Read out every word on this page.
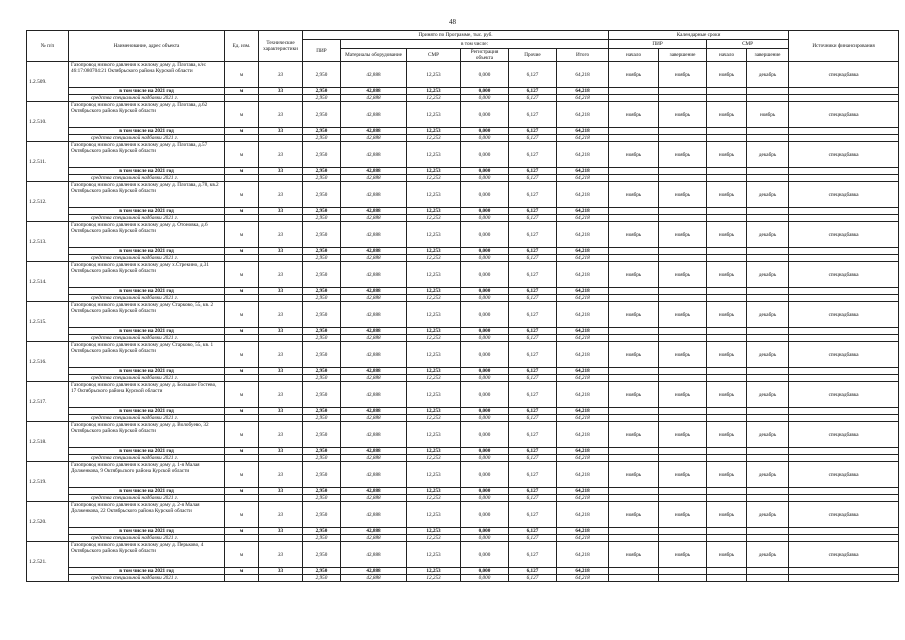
48
№ п/п	Наименование, адрес объекта	Ед. изм.	Технические характеристики	Принято по Программе, тыс. руб.						Календарные сроки				Источники финансирования
				ПИР	в том числе:					ПИР		СМР		
					Материалы оборудование	СМР	Регистрация объекта	Прочие	Итого	начало	завершение	начало	завершение	
1.2.509.	Газопровод низкого давления к жилому дому д. Плотава, к/н: 46:17:080704:21 Октябрьского района Курской области	м	33	2,950	42,888	12,253	0,000	6,127	64,218	ноябрь	ноябрь	ноябрь	декабрь	спецнадбавка
	в том числе на 2021 год	м	33	2,950	42,888	12,253	0,000	6,127	64,218					
	средства специальной надбавки 2021 г.			2,950	42,888	12,253	0,000	6,127	64,218					
1.2.510.	Газопровод низкого давления к жилому дому д. Плотава, д.62 Октябрьского района Курской области	м	33	2,950	42,888	12,253	0,000	6,127	64,218	ноябрь	ноябрь	ноябрь	ноябрь	спецнадбавка
	в том числе на 2021 год	м	33	2,950	42,888	12,253	0,000	6,127	64,218					
	средства специальной надбавки 2021 г.			2,950	42,888	12,253	0,000	6,127	64,218					
1.2.511.	Газопровод низкого давления к жилому дому д. Плотава, д.57 Октябрьского района Курской области	м	33	2,950	42,888	12,253	0,000	6,127	64,218	ноябрь	ноябрь	ноябрь	декабрь	спецнадбавка
	в том числе на 2021 год	м	33	2,950	42,888	12,253	0,000	6,127	64,218					
	средства специальной надбавки 2021 г.			2,950	42,888	12,253	0,000	6,127	64,218					
1.2.512.	Газопровод низкого давления к жилому дому д. Плотава, д.78, кв.2 Октябрьского района Курской области	м	33	2,950	42,888	12,253	0,000	6,127	64,218	ноябрь	ноябрь	ноябрь	декабрь	спецнадбавка
	в том числе на 2021 год	м	33	2,950	42,888	12,253	0,000	6,127	64,218					
	средства специальной надбавки 2021 г.			2,950	42,888	12,253	0,000	6,127	64,218					
1.2.513.	Газопровод низкого давления к жилому дому д. Отоновка, д.6 Октябрьского района Курской области	м	33	2,950	42,888	12,253	0,000	6,127	64,218	ноябрь	ноябрь	ноябрь	декабрь	спецнадбавка
	в том числе на 2021 год	м	33	2,950	42,888	12,253	0,000	6,127	64,218					
	средства специальной надбавки 2021 г.			2,950	42,888	12,253	0,000	6,127	64,218					
1.2.514.	Газопровод низкого давления к жилому дому х.Стрекино, д.31 Октябрьского района Курской области	м	33	2,950	42,888	12,253	0,000	6,127	64,218	ноябрь	ноябрь	ноябрь	декабрь	спецнадбавка
	в том числе на 2021 год	м	33	2,950	42,888	12,253	0,000	6,127	64,218					
	средства специальной надбавки 2021 г.			2,950	42,888	12,253	0,000	6,127	64,218					
1.2.515.	Газопровод низкого давления к жилому дому Старково, 55, кв. 2 Октябрьского района Курской области	м	33	2,950	42,888	12,253	0,000	6,127	64,218	ноябрь	ноябрь	ноябрь	декабрь	спецнадбавка
	в том числе на 2021 год	м	33	2,950	42,888	12,253	0,000	6,127	64,218					
	средства специальной надбавки 2021 г.			2,950	42,888	12,253	0,000	6,127	64,218					
1.2.516.	Газопровод низкого давления к жилому дому Старково, 55, кв. 1 Октябрьского района Курской области	м	33	2,950	42,888	12,253	0,000	6,127	64,218	ноябрь	ноябрь	ноябрь	декабрь	спецнадбавка
	в том числе на 2021 год	м	33	2,950	42,888	12,253	0,000	6,127	64,218					
	средства специальной надбавки 2021 г.			2,950	42,888	12,253	0,000	6,127	64,218					
1.2.517.	Газопровод низкого давления к жилому дому д. Большое Гостево, 17 Октябрьского района Курской области	м	33	2,950	42,888	12,253	0,000	6,127	64,218	ноябрь	ноябрь	ноябрь	декабрь	спецнадбавка
	в том числе на 2021 год	м	33	2,950	42,888	12,253	0,000	6,127	64,218					
	средства специальной надбавки 2021 г.			2,950	42,888	12,253	0,000	6,127	64,218					
1.2.518.	Газопровод низкого давления к жилому дому д. Волобуево, 32 Октябрьского района Курской области	м	33	2,950	42,888	12,253	0,000	6,127	64,218	ноябрь	ноябрь	ноябрь	декабрь	спецнадбавка
	в том числе на 2021 год	м	33	2,950	42,888	12,253	0,000	6,127	64,218					
	средства специальной надбавки 2021 г.			2,950	42,888	12,253	0,000	6,127	64,218					
1.2.519.	Газопровод низкого давления к жилому дому д. 1-я Малая Долженкова, 9 Октябрьского района Курской области	м	33	2,950	42,888	12,253	0,000	6,127	64,218	ноябрь	ноябрь	ноябрь	декабрь	спецнадбавка
	в том числе на 2021 год	м	33	2,950	42,888	12,253	0,000	6,127	64,218					
	средства специальной надбавки 2021 г.			2,950	42,888	12,253	0,000	6,127	64,218					
1.2.520.	Газопровод низкого давления к жилому дому д. 2-я Малая Долженкова, 22 Октябрьского района Курской области	м	33	2,950	42,888	12,253	0,000	6,127	64,218	ноябрь	ноябрь	ноябрь	декабрь	спецнадбавка
	в том числе на 2021 год	м	33	2,950	42,888	12,253	0,000	6,127	64,218					
	средства специальной надбавки 2021 г.			2,950	42,888	12,253	0,000	6,127	64,218					
1.2.521.	Газопровод низкого давления к жилому дому д. Перьково, 4 Октябрьского района Курской области	м	33	2,950	42,888	12,253	0,000	6,127	64,218	ноябрь	ноябрь	ноябрь	декабрь	спецнадбавка
	в том числе на 2021 год	м	33	2,950	42,888	12,253	0,000	6,127	64,218					
	средства специальной надбавки 2021 г.			2,950	42,888	12,253	0,000	6,127	64,218					
